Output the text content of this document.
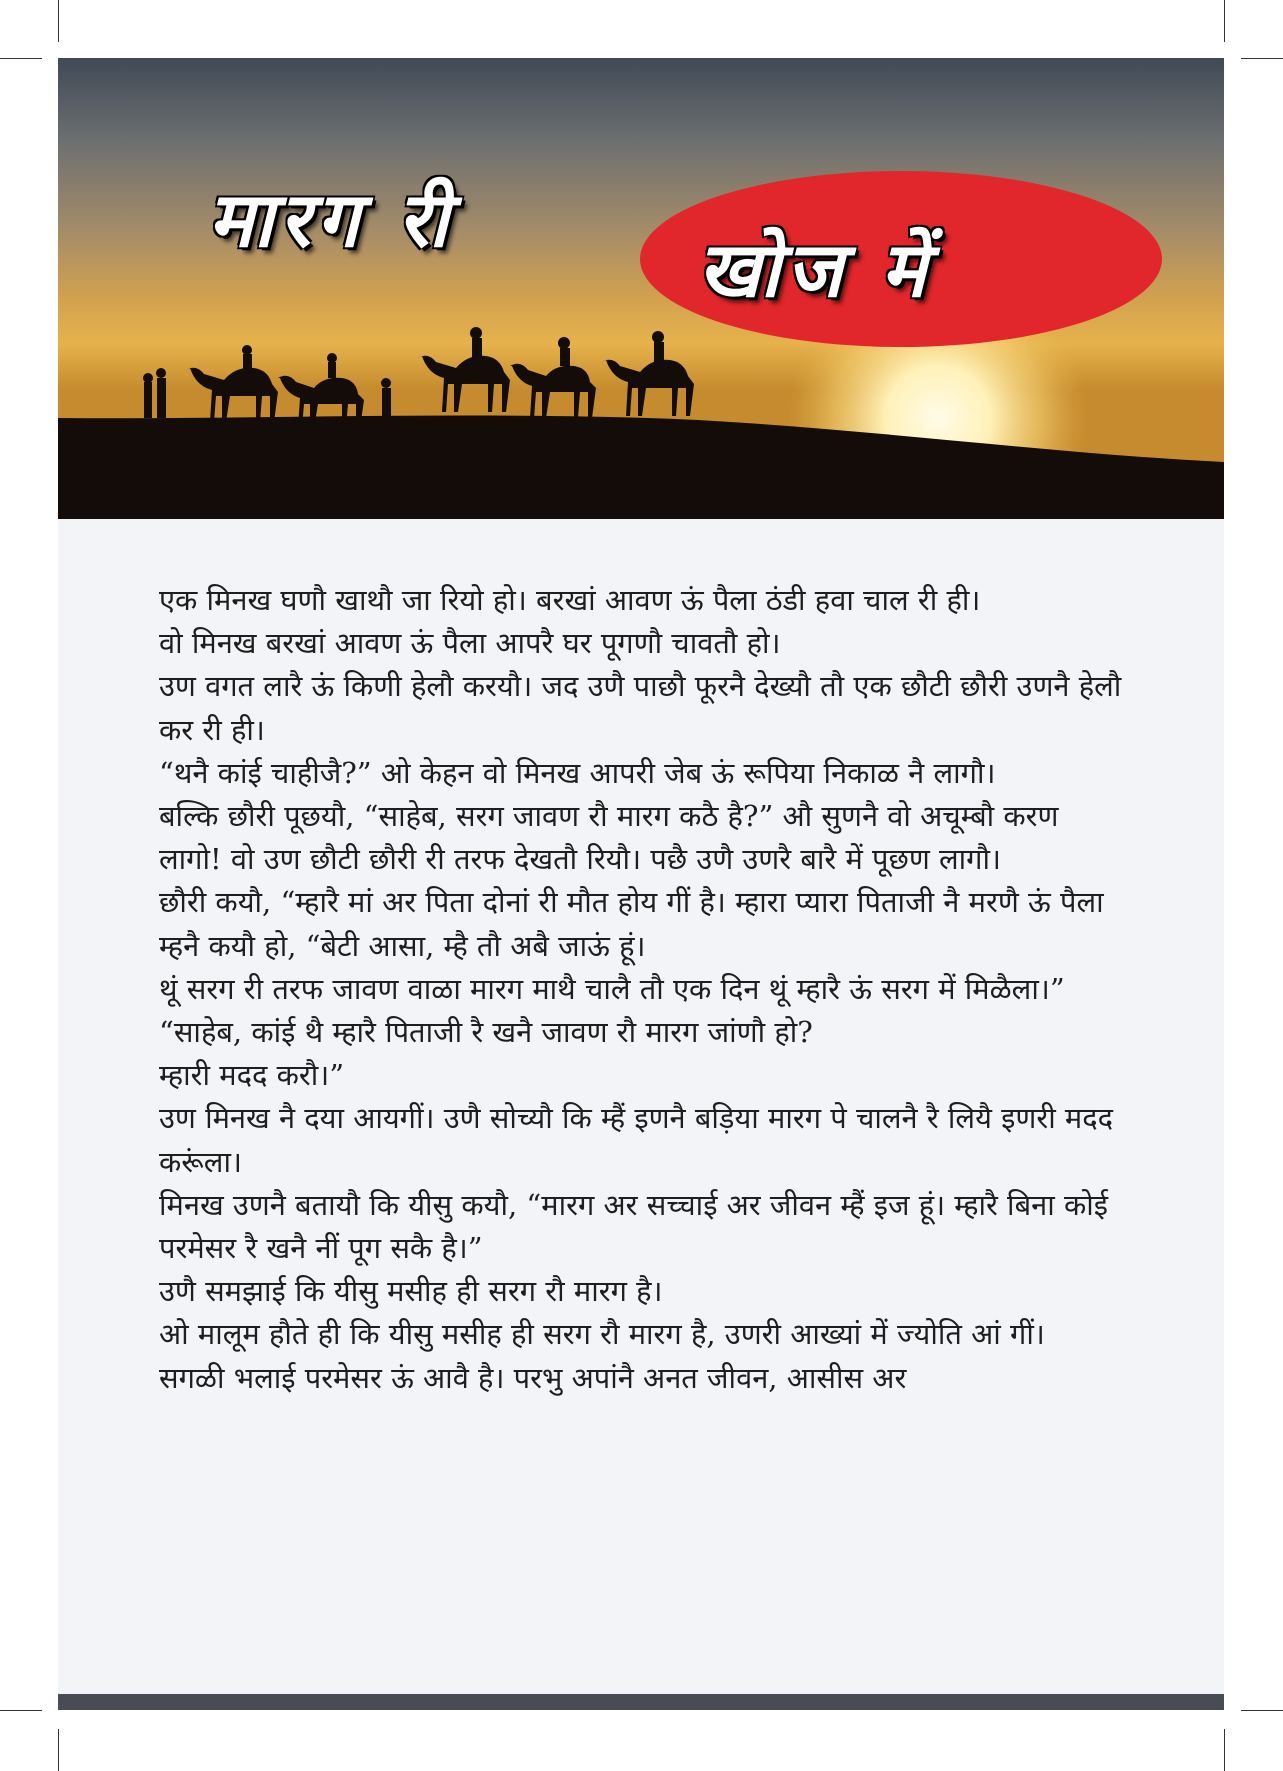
मारग री
खोज में

एक मिनख घणौ खाथौ जा रियो हो। बरखां आवण ऊं पैला ठंडी हवा चाल री ही।

वो मिनख बरखां आवण ऊं पैला आपरै घर पूगणौ चावतौ हो।

उण वगत लारै ऊं किणी हेलौ करयौ। जद उणै पाछौ फूरनै देख्यौ तौ एक छौटी छौरी उणनै हेलौ कर री ही।

“थनै कांई चाहीजै?” ओ केहन वो मिनख आपरी जेब ऊं रूपिया निकाळ नै लागौ।

बल्कि छौरी पूछयौ, “साहेब, सरग जावण रौ मारग कठै है?” औ सुणनै वो अचूम्बौ करण लागो! वो उण छौटी छौरी री तरफ देखतौ रियौ। पछै उणै उणरै बारै में पूछण लागौ।

छौरी कयौ, “म्हारै मां अर पिता दोनां री मौत होय गीं है। म्हारा प्यारा पिताजी नै मरणै ऊं पैला म्हनै कयौ हो, “बेटी आसा, म्है तौ अबै जाऊं हूं।

थूं सरग री तरफ जावण वाळा मारग माथै चालै तौ एक दिन थूं म्हारै ऊं सरग में मिळैला।”

“साहेब, कांई थै म्हारै पिताजी रै खनै जावण रौ मारग जांणौ हो?

म्हारी मदद करौ।”

उण मिनख नै दया आयगीं। उणै सोच्यौ कि म्हैं इणनै बड़िया मारग पे चालनै रै लियै इणरी मदद करूंला।

मिनख उणनै बतायौ कि यीसु कयौ, “मारग अर सच्चाई अर जीवन म्हैं इज हूं। म्हारै बिना कोई परमेसर रै खनै नीं पूग सकै है।”

उणै समझाई कि यीसु मसीह ही सरग रौ मारग है।

ओ मालूम हौते ही कि यीसु मसीह ही सरग रौ मारग है, उणरी आख्यां में ज्योति आं गीं।

सगळी भलाई परमेसर ऊं आवै है। परभु अपांनै अनत जीवन, आसीस अर
